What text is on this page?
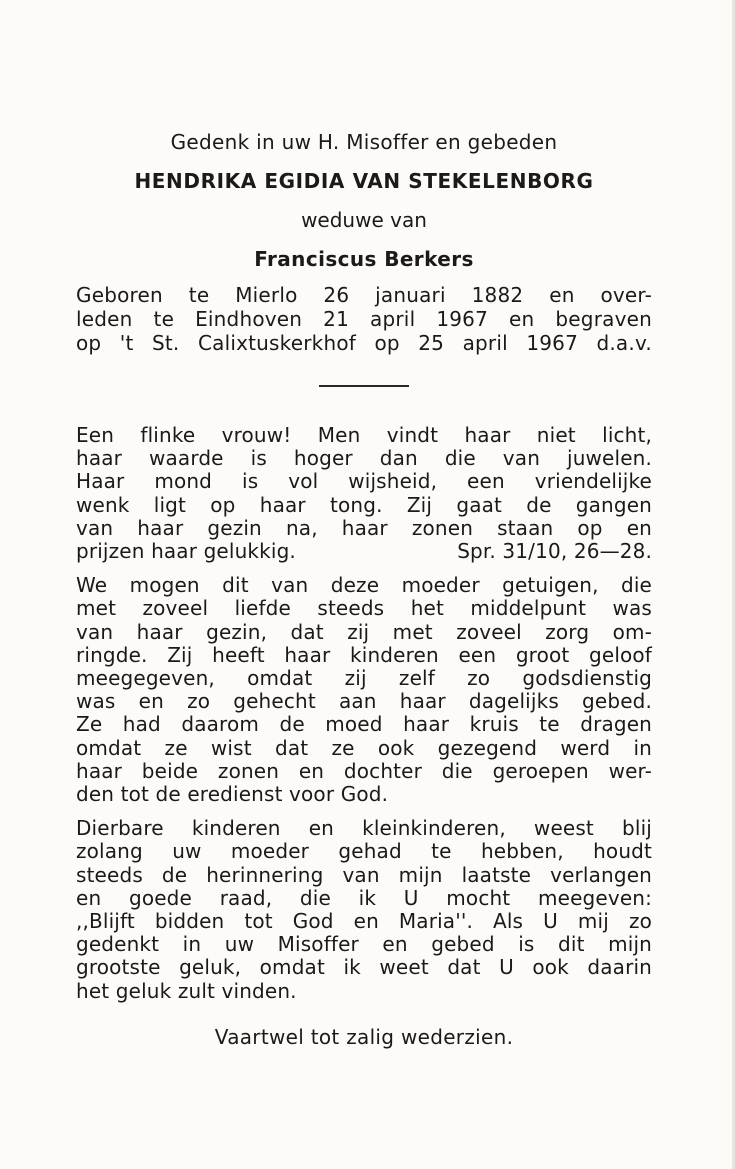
Gedenk in uw H. Misoffer en gebeden

HENDRIKA EGIDIA VAN STEKELENBORG

weduwe van

Franciscus Berkers

Geboren te Mierlo 26 januari 1882 en over-
leden te Eindhoven 21 april 1967 en begraven
op 't St. Calixtuskerkhof op 25 april 1967 d.a.v.
Een flinke vrouw! Men vindt haar niet licht,
haar waarde is hoger dan die van juwelen.
Haar mond is vol wijsheid, een vriendelijke
wenk ligt op haar tong. Zij gaat de gangen
van haar gezin na, haar zonen staan op en
prijzen haar gelukkig.	Spr. 31/10, 26—28.
We mogen dit van deze moeder getuigen, die
met zoveel liefde steeds het middelpunt was
van haar gezin, dat zij met zoveel zorg om-
ringde. Zij heeft haar kinderen een groot geloof
meegegeven, omdat zij zelf zo godsdienstig
was en zo gehecht aan haar dagelijks gebed.
Ze had daarom de moed haar kruis te dragen
omdat ze wist dat ze ook gezegend werd in
haar beide zonen en dochter die geroepen wer-
den tot de eredienst voor God.
Dierbare kinderen en kleinkinderen, weest blij
zolang uw moeder gehad te hebben, houdt
steeds de herinnering van mijn laatste verlangen
en goede raad, die ik U mocht meegeven:
,,Blijft bidden tot God en Maria''. Als U mij zo
gedenkt in uw Misoffer en gebed is dit mijn
grootste geluk, omdat ik weet dat U ook daarin
het geluk zult vinden.

Vaartwel tot zalig wederzien.
